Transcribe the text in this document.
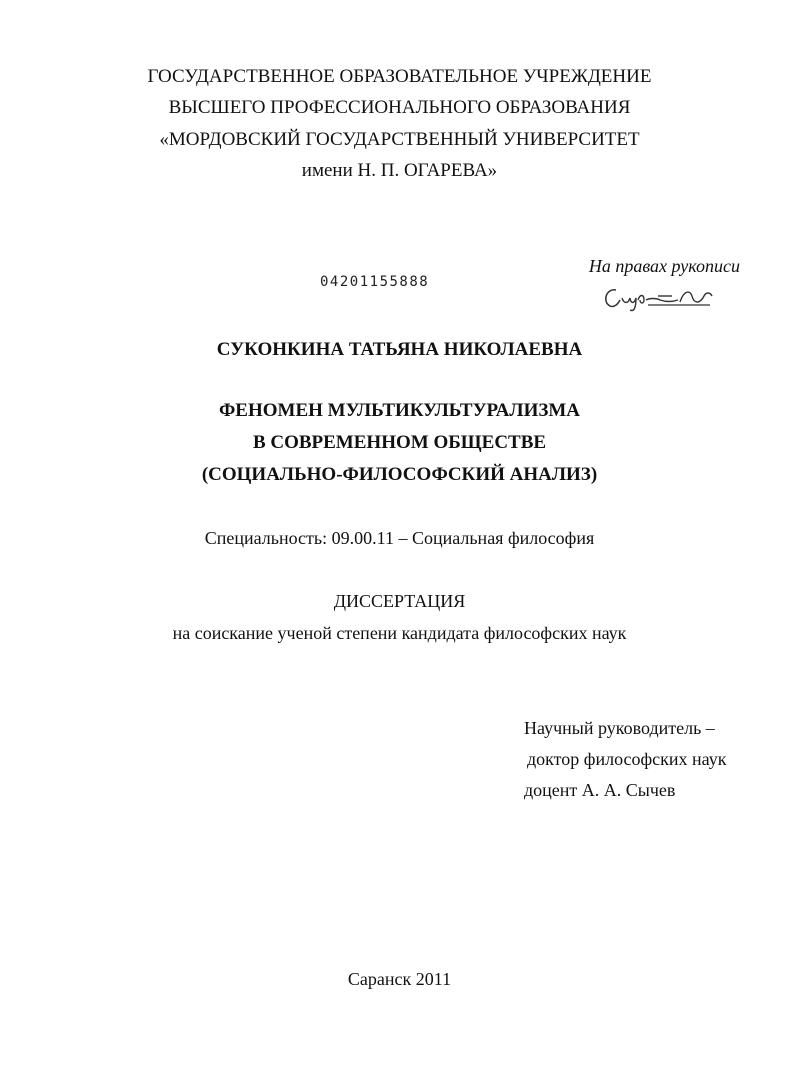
ГОСУДАРСТВЕННОЕ ОБРАЗОВАТЕЛЬНОЕ УЧРЕЖДЕНИЕ
ВЫСШЕГО ПРОФЕССИОНАЛЬНОГО ОБРАЗОВАНИЯ
«МОРДОВСКИЙ ГОСУДАРСТВЕННЫЙ УНИВЕРСИТЕТ
имени Н. П. ОГАРЕВА»
04201155888
На правах рукописи
СУКОНКИНА ТАТЬЯНА НИКОЛАЕВНА
ФЕНОМЕН МУЛЬТИКУЛЬТУРАЛИЗМА
В СОВРЕМЕННОМ ОБЩЕСТВЕ
(СОЦИАЛЬНО-ФИЛОСОФСКИЙ АНАЛИЗ)
Специальность: 09.00.11 – Социальная философия
ДИССЕРТАЦИЯ
на соискание ученой степени кандидата философских наук
Научный руководитель –
доктор философских наук
доцент А. А. Сычев
Саранск 2011
